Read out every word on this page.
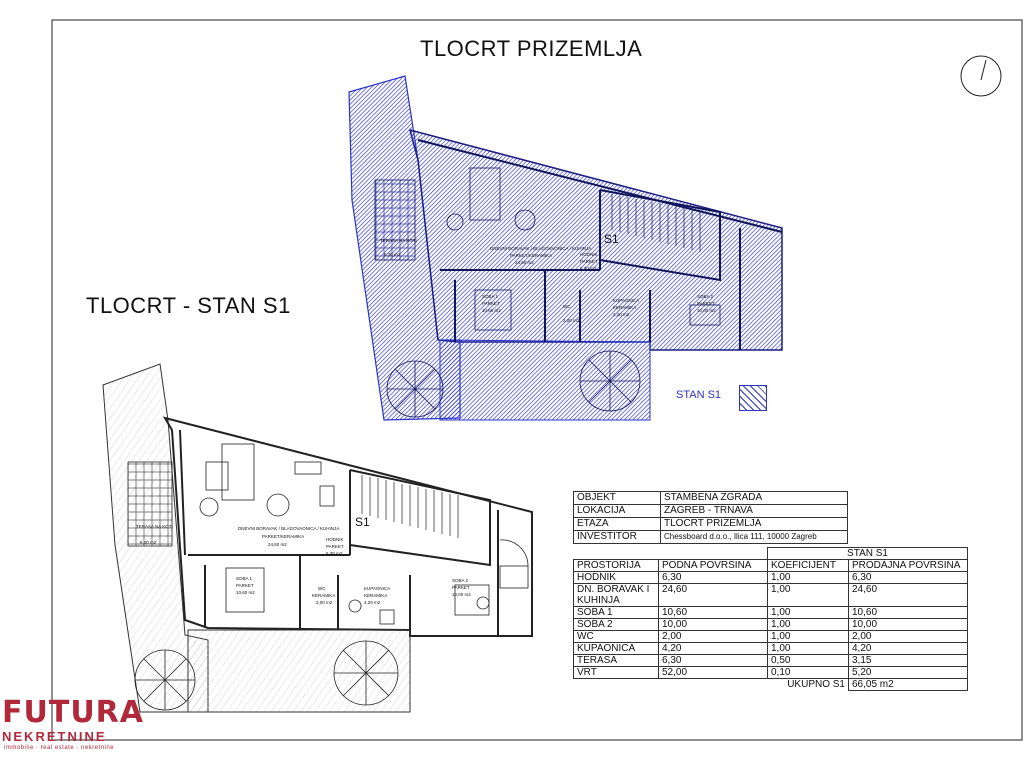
S1
DNEVNI BORAVAK / BLAGOVAONICA / KUHINJA
PARKET/KERAMIKA
24,60 m2
HODNIK
PARKET
6,30 m2
SOBA 1
PARKET
10,60 m2
SOBA 2
PARKET
10,00 m2
KUPAONICA
KERAMIKA
4,20 m2
WC
2,00 m2
TERASA NA KOTI
6,30 m2
S1
DNEVNI BORAVAK / BLAGOVAONICA / KUHINJA
PARKET/KERAMIKA
24,60 m2
HODNIK
PARKET
6,30 m2
SOBA 1
PARKET
10,60 m2
SOBA 2
PARKET
10,00 m2
WC
KERAMIKA
2,00 m2
KUPAONICA
KERAMIKA
4,20 m2
TERASA NA KOTI
6,30 m2
TLOCRT PRIZEMLJA
TLOCRT - STAN S1
STAN S1
OBJEKT	STAMBENA ZGRADA
LOKACIJA	ZAGREB - TRNAVA
ETAZA	TLOCRT PRIZEMLJA
INVESTITOR	Chessboard d.o.o., Ilica 111, 10000 Zagreb
		STAN S1	
PROSTORIJA	PODNA POVRSINA	KOEFICIJENT	PRODAJNA POVRSINA
HODNIK	6,30	1,00	6,30
DN. BORAVAK I KUHINJA	24,60	1,00	24,60
SOBA 1	10,60	1,00	10,60
SOBA 2	10,00	1,00	10,00
WC	2,00	1,00	2,00
KUPAONICA	4,20	1,00	4,20
TERASA	6,30	0,50	3,15
VRT	52,00	0,10	5,20
		UKUPNO S1	66,05 m2
FUTURA
NEKRETNINE
immobilie · real estate · nekretnine
